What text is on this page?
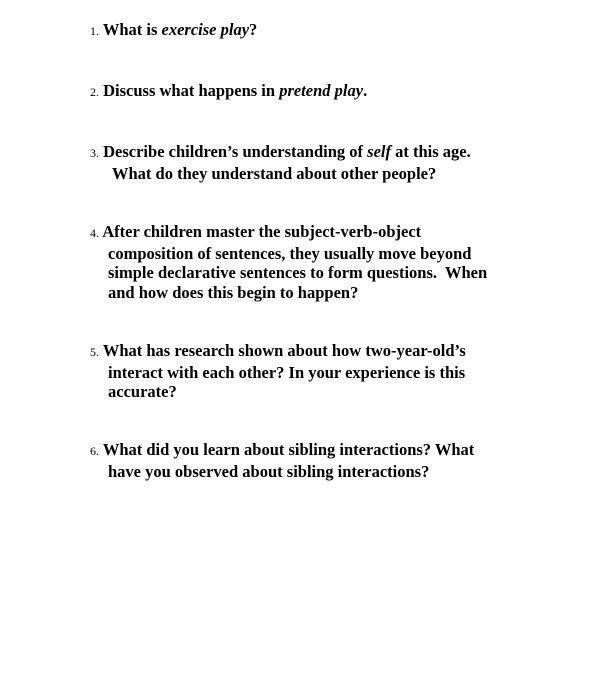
1. What is exercise play?
2. Discuss what happens in pretend play.
3. Describe children’s understanding of self at this age.
What do they understand about other people?
4. After children master the subject-verb-object
composition of sentences, they usually move beyond
simple declarative sentences to form questions.  When
and how does this begin to happen?
5. What has research shown about how two-year-old’s
interact with each other? In your experience is this
accurate?
6. What did you learn about sibling interactions? What
have you observed about sibling interactions?
